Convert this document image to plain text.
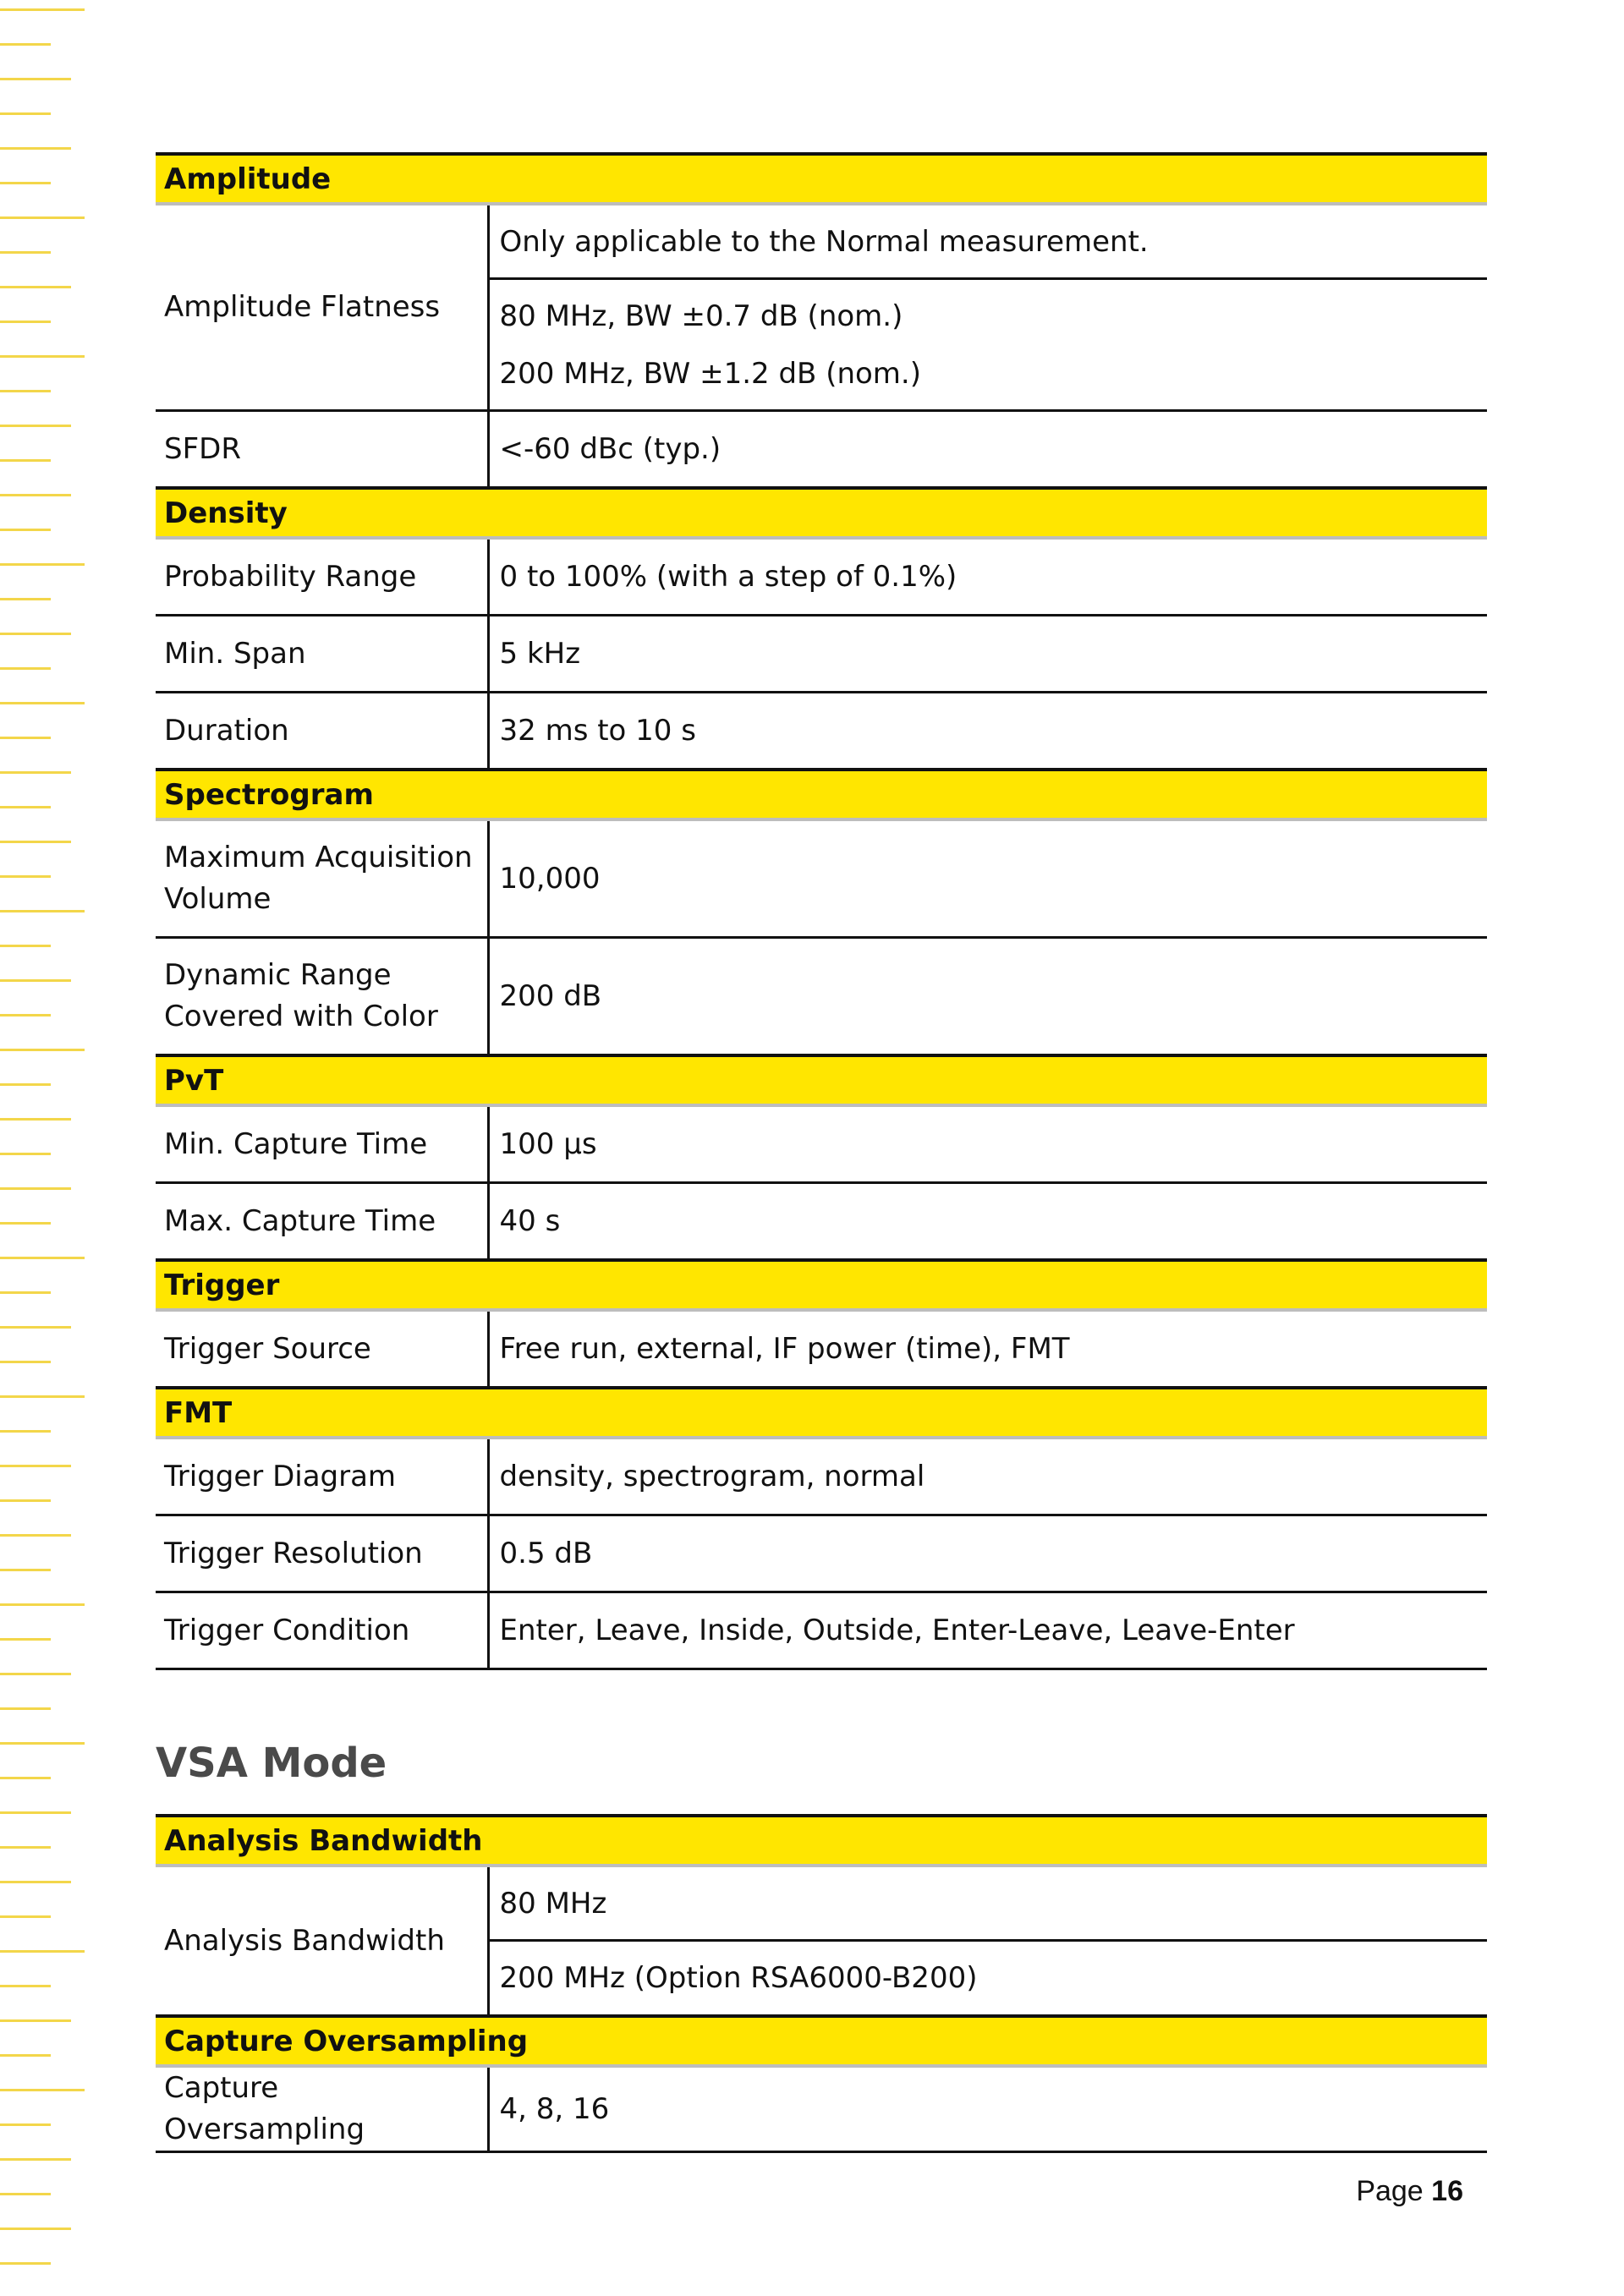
Amplitude	
Amplitude Flatness	Only applicable to the Normal measurement.
80 MHz, BW ±0.7 dB (nom.)
200 MHz, BW ±1.2 dB (nom.)

SFDR	<-60 dBc (typ.)

Density	
Probability Range	0 to 100% (with a step of 0.1%)

Min. Span	5 kHz

Duration	32 ms to 10 s

Spectrogram	
Maximum Acquisition Volume	10,000

Dynamic Range Covered with Color	200 dB

PvT	
Min. Capture Time	100 μs

Max. Capture Time	40 s

Trigger	
Trigger Source	Free run, external, IF power (time), FMT

FMT	
Trigger Diagram	density, spectrogram, normal

Trigger Resolution	0.5 dB

Trigger Condition	Enter, Leave, Inside, Outside, Enter-Leave, Leave-Enter
VSA Mode
Analysis Bandwidth	
Analysis Bandwidth	80 MHz
200 MHz (Option RSA6000-B200)

Capture Oversampling	
Capture Oversampling	4, 8, 16
Page 16
